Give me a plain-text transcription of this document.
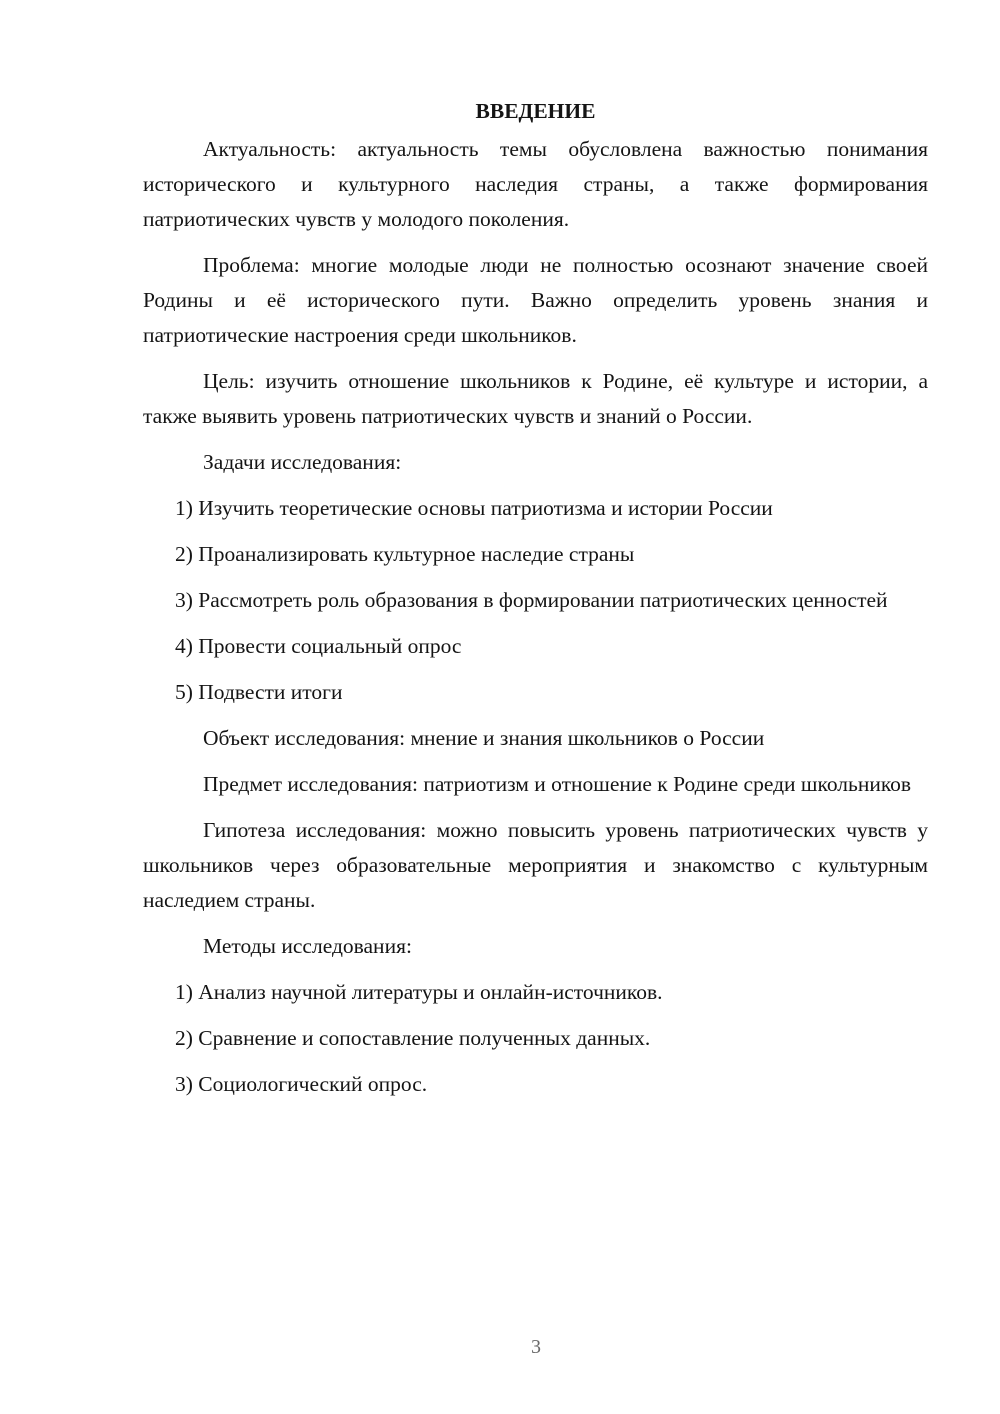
ВВЕДЕНИЕ

Актуальность: актуальность темы обусловлена важностью понимания исторического и культурного наследия страны, а также формирования патриотических чувств у молодого поколения.

Проблема: многие молодые люди не полностью осознают значение своей Родины и её исторического пути. Важно определить уровень знания и патриотические настроения среди школьников.

Цель: изучить отношение школьников к Родине, её культуре и истории, а также выявить уровень патриотических чувств и знаний о России.

Задачи исследования:

1) Изучить теоретические основы патриотизма и истории России

2) Проанализировать культурное наследие страны

3) Рассмотреть роль образования в формировании патриотических ценностей

4) Провести социальный опрос

5) Подвести итоги

Объект исследования: мнение и знания школьников о России

Предмет исследования: патриотизм и отношение к Родине среди школьников

Гипотеза исследования: можно повысить уровень патриотических чувств у школьников через образовательные мероприятия и знакомство с культурным наследием страны.

Методы исследования:

1) Анализ научной литературы и онлайн-источников.

2) Сравнение и сопоставление полученных данных.

3) Социологический опрос.

3
